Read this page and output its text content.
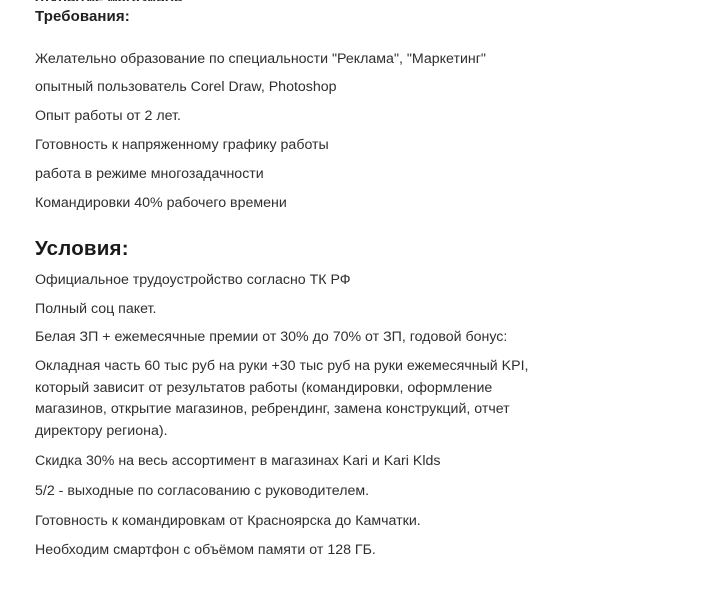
Требования:
Желательно образование по специальности "Реклама", "Маркетинг"
опытный пользователь Corel Draw, Photoshop
Опыт работы от 2 лет.
Готовность к напряженному графику работы
работа в режиме многозадачности
Командировки 40% рабочего времени
Условия:
Официальное трудоустройство согласно ТК РФ
Полный соц пакет.
Белая ЗП + ежемесячные премии от 30% до 70% от ЗП, годовой бонус:
Окладная часть 60 тыс руб на руки +30 тыс руб на руки ежемесячный KPI,
который зависит от результатов работы (командировки, оформление
магазинов, открытие магазинов, ребрендинг, замена конструкций, отчет
директору региона).
Скидка 30% на весь ассортимент в магазинах Kari и Kari Klds
5/2 - выходные по согласованию с руководителем.
Готовность к командировкам от Красноярска до Камчатки.
Необходим смартфон с объёмом памяти от 128 ГБ.
